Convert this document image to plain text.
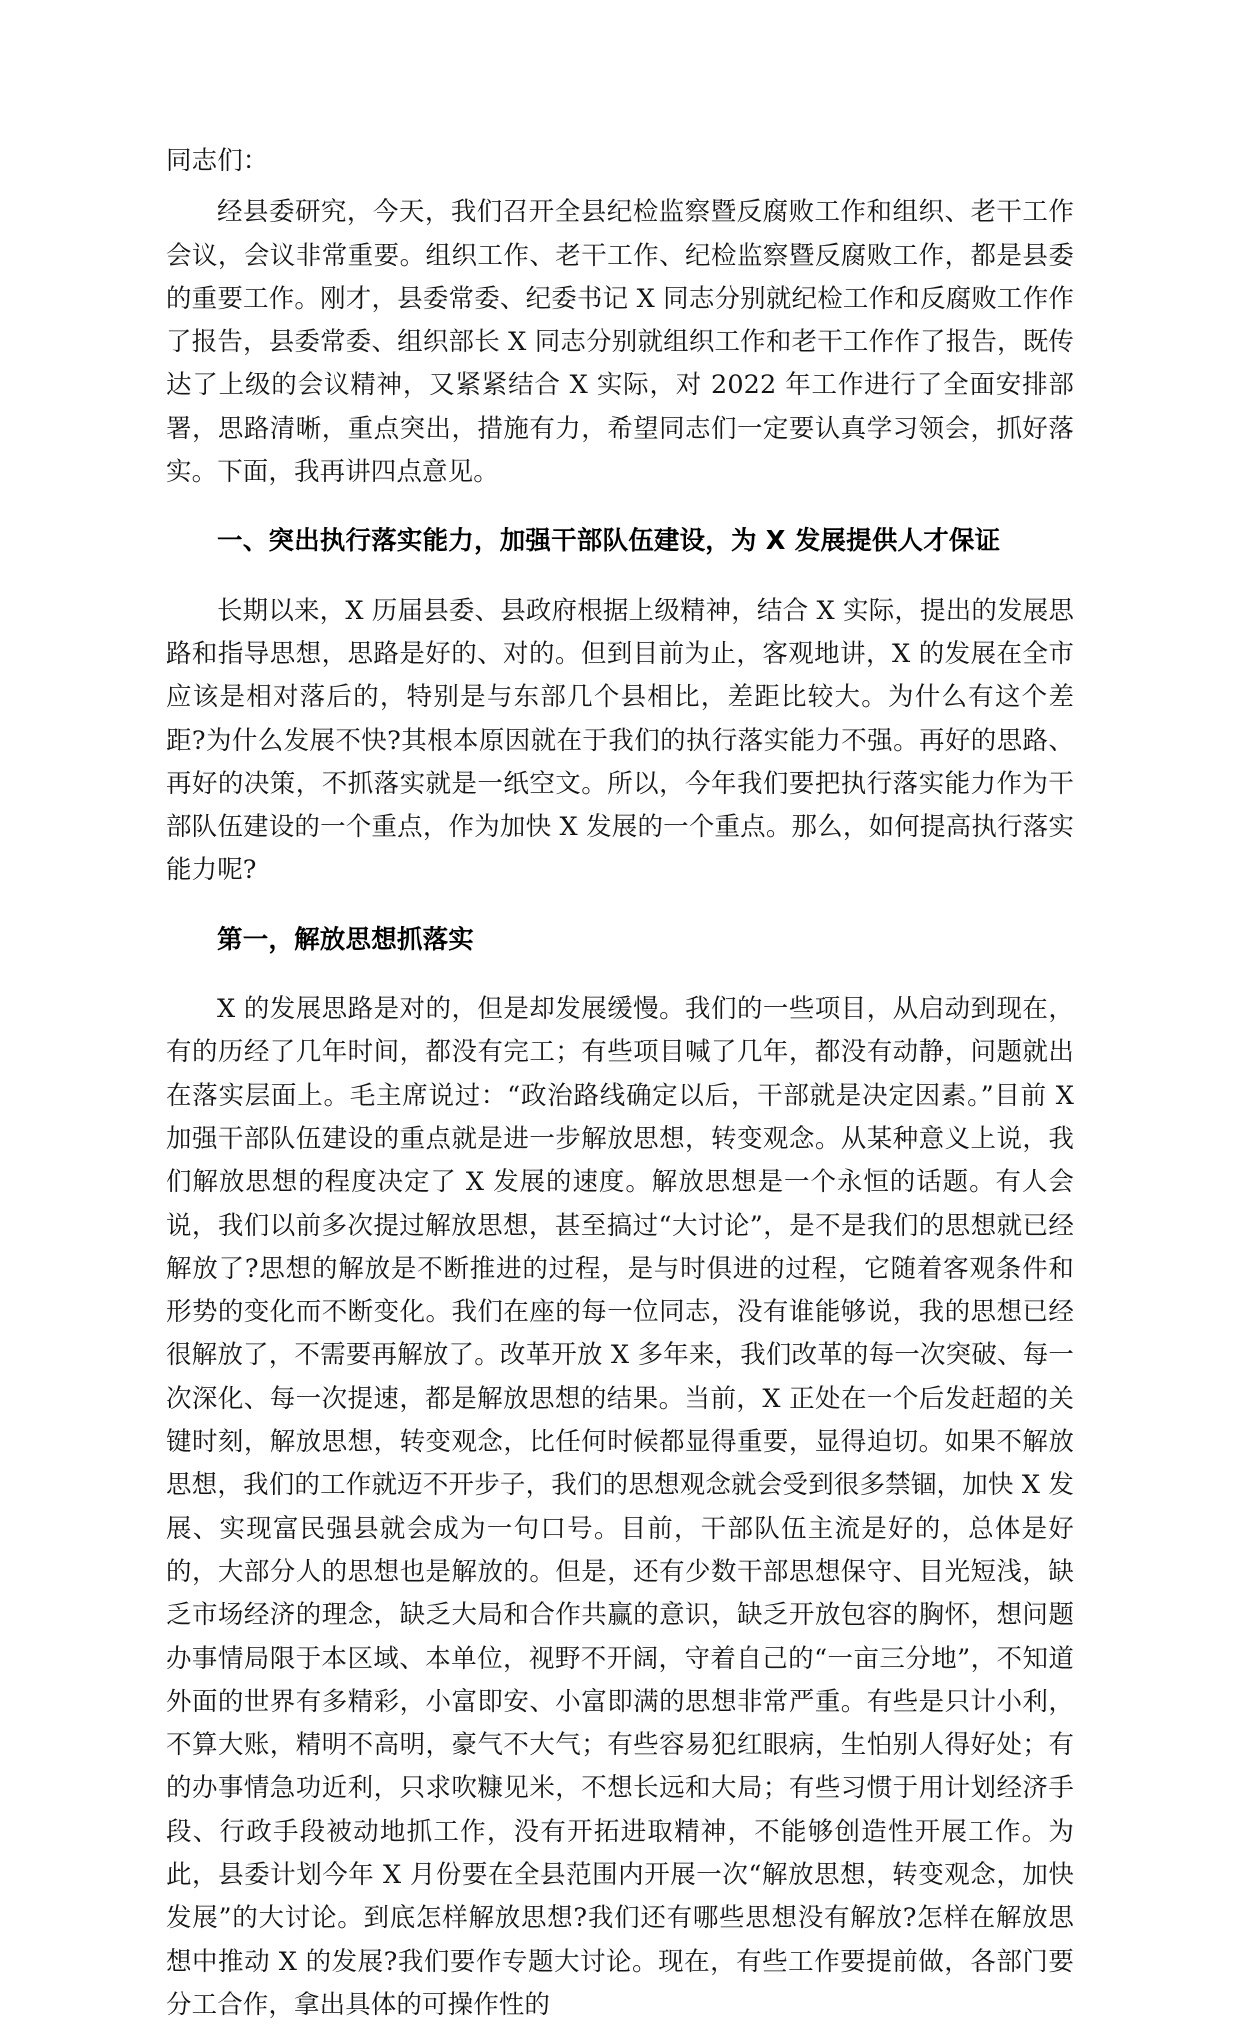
同志们：

经县委研究，今天，我们召开全县纪检监察暨反腐败工作和组织、老干工作会议，会议非常重要。组织工作、老干工作、纪检监察暨反腐败工作，都是县委的重要工作。刚才，县委常委、纪委书记 X 同志分别就纪检工作和反腐败工作作了报告，县委常委、组织部长 X 同志分别就组织工作和老干工作作了报告，既传达了上级的会议精神，又紧紧结合 X 实际，对 2022 年工作进行了全面安排部署，思路清晰，重点突出，措施有力，希望同志们一定要认真学习领会，抓好落实。下面，我再讲四点意见。

一、突出执行落实能力，加强干部队伍建设，为 X 发展提供人才保证

长期以来，X 历届县委、县政府根据上级精神，结合 X 实际，提出的发展思路和指导思想，思路是好的、对的。但到目前为止，客观地讲，X 的发展在全市应该是相对落后的，特别是与东部几个县相比，差距比较大。为什么有这个差距?为什么发展不快?其根本原因就在于我们的执行落实能力不强。再好的思路、再好的决策，不抓落实就是一纸空文。所以，今年我们要把执行落实能力作为干部队伍建设的一个重点，作为加快 X 发展的一个重点。那么，如何提高执行落实能力呢?

第一，解放思想抓落实

X 的发展思路是对的，但是却发展缓慢。我们的一些项目，从启动到现在，有的历经了几年时间，都没有完工；有些项目喊了几年，都没有动静，问题就出在落实层面上。毛主席说过：“政治路线确定以后，干部就是决定因素。”目前 X 加强干部队伍建设的重点就是进一步解放思想，转变观念。从某种意义上说，我们解放思想的程度决定了 X 发展的速度。解放思想是一个永恒的话题。有人会说，我们以前多次提过解放思想，甚至搞过“大讨论”，是不是我们的思想就已经解放了?思想的解放是不断推进的过程，是与时俱进的过程，它随着客观条件和形势的变化而不断变化。我们在座的每一位同志，没有谁能够说，我的思想已经很解放了，不需要再解放了。改革开放 X 多年来，我们改革的每一次突破、每一次深化、每一次提速，都是解放思想的结果。当前，X 正处在一个后发赶超的关键时刻，解放思想，转变观念，比任何时候都显得重要，显得迫切。如果不解放思想，我们的工作就迈不开步子，我们的思想观念就会受到很多禁锢，加快 X 发展、实现富民强县就会成为一句口号。目前，干部队伍主流是好的，总体是好的，大部分人的思想也是解放的。但是，还有少数干部思想保守、目光短浅，缺乏市场经济的理念，缺乏大局和合作共赢的意识，缺乏开放包容的胸怀，想问题办事情局限于本区域、本单位，视野不开阔，守着自己的“一亩三分地”，不知道外面的世界有多精彩，小富即安、小富即满的思想非常严重。有些是只计小利，不算大账，精明不高明，豪气不大气；有些容易犯红眼病，生怕别人得好处；有的办事情急功近利，只求吹糠见米，不想长远和大局；有些习惯于用计划经济手段、行政手段被动地抓工作，没有开拓进取精神，不能够创造性开展工作。为此，县委计划今年 X 月份要在全县范围内开展一次“解放思想，转变观念，加快发展”的大讨论。到底怎样解放思想?我们还有哪些思想没有解放?怎样在解放思想中推动 X 的发展?我们要作专题大讨论。现在，有些工作要提前做，各部门要分工合作，拿出具体的可操作性的
